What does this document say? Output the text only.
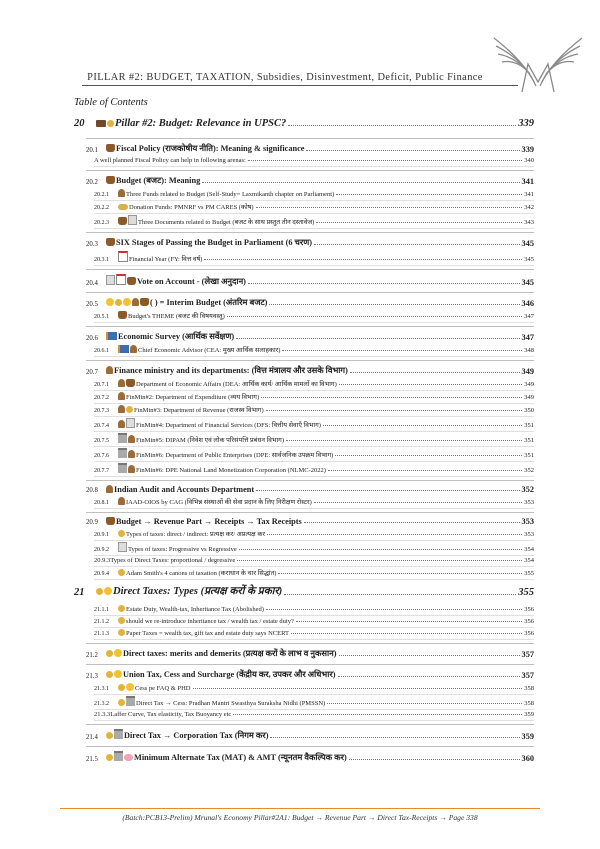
PILLAR #2: BUDGET, TAXATION, Subsidies, Disinvestment, Deficit, Public Finance
Table of Contents
20	Pillar #2: Budget: Relevance in UPSC?	339
20.1	Fiscal Policy (राजकोषीय नीति): Meaning & significance	339
A well planned Fiscal Policy can help in following arenas:	340
20.2	Budget (बजट): Meaning	341
20.2.1	Three Funds related to Budget (Self-Study= Laxmikanth chapter on Parliament)	341
20.2.2	Donation Funds: PMNRF vs PM CARES (कोष)	342
20.2.3	Three Documents related to Budget (बजट के साथ प्रस्तुत तीन दस्तावेज)	343
20.3	SIX Stages of Passing the Budget in Parliament (6 चरण)	345
20.3.1	Financial Year (FY: वित्त वर्ष)	345
20.4	Vote on Account - (लेखा अनुदान)	345
20.5	( ) = Interim Budget (अंतरिम बजट)	346
20.5.1	Budget's THEME (बजट की विषयवस्तु)	347
20.6	Economic Survey (आर्थिक सर्वेक्षण)	347
20.6.1	Chief Economic Advisor (CEA: मुख्य आर्थिक सलाहकार)	348
20.7	Finance ministry and its departments: (वित्त मंत्रालय और उसके विभाग)	349
20.7.1	Department of Economic Affairs (DEA: आर्थिक कार्य/ आर्थिक मामलों का विभाग)	349
20.7.2	FinMin#2: Department of Expenditure (व्यय विभाग)	349
20.7.3	FinMin#3: Department of Revenue (राजस्व विभाग)	350
20.7.4	FinMin#4: Department of Financial Services (DFS: वित्तीय सेवाएँ विभाग)	351
20.7.5	FinMin#5: DIPAM (निवेश एवं लोक परिसंपत्ति प्रबंधन विभाग)	351
20.7.6	FinMin#6: Department of Public Enterprises (DPE: सार्वजनिक उपक्रम विभाग)	351
20.7.7	FinMin#6: DPE National Land Monetization Corporation (NLMC-2022)	352
20.8	Indian Audit and Accounts Department	352
20.8.1	IAAD-OIOS by CAG (विभिन्न संस्थाओं की सेवा प्रदान के लिए निरीक्षण रोस्टर)	353
20.9	Budget → Revenue Part → Receipts → Tax Receipts	353
20.9.1	Types of taxes: direct / indirect: प्रत्यक्ष कर/ अप्रत्यक्ष कर	353
20.9.2	Types of taxes: Progressive vs Regressive	354
20.9.3 Types of Direct Taxes: proportional / degressive	354
20.9.4	Adam Smith's 4 canons of taxation (कराधान के चार सिद्धांत)	355
21	Direct Taxes: Types (प्रत्यक्ष करों के प्रकार)	355
21.1.1	Estate Duty, Wealth-tax, Inheritance Tax (Abolished)	356
21.1.2	should we re-introduce inheritance tax / wealth tax / estate duty?	356
21.1.3	Paper Taxes = wealth tax, gift tax and estate duty says NCERT	356
21.2	Direct taxes: merits and demerits (प्रत्यक्ष करों के लाभ व नुकसान)	357
21.3	Union Tax, Cess and Surcharge (केंद्रीय कर, उपकर और अधिभार)	357
21.3.1	Cess pe FAQ & PHD	358
21.3.2	Direct Tax → Cess: Pradhan Mantri Swasthya Suraksha Nidhi (PMSSN)	358
21.3.3 Laffer Curve, Tax elasticity, Tax Buoyancy etc	359
21.4	Direct Tax → Corporation Tax (निगम कर)	359
21.5	Minimum Alternate Tax (MAT) & AMT (न्यूनतम वैकल्पिक कर)	360
(Batch:PCB13-Prelim) Mrunal's Economy Pillar#2A1: Budget → Revenue Part → Direct Tax-Receipts → Page 338
